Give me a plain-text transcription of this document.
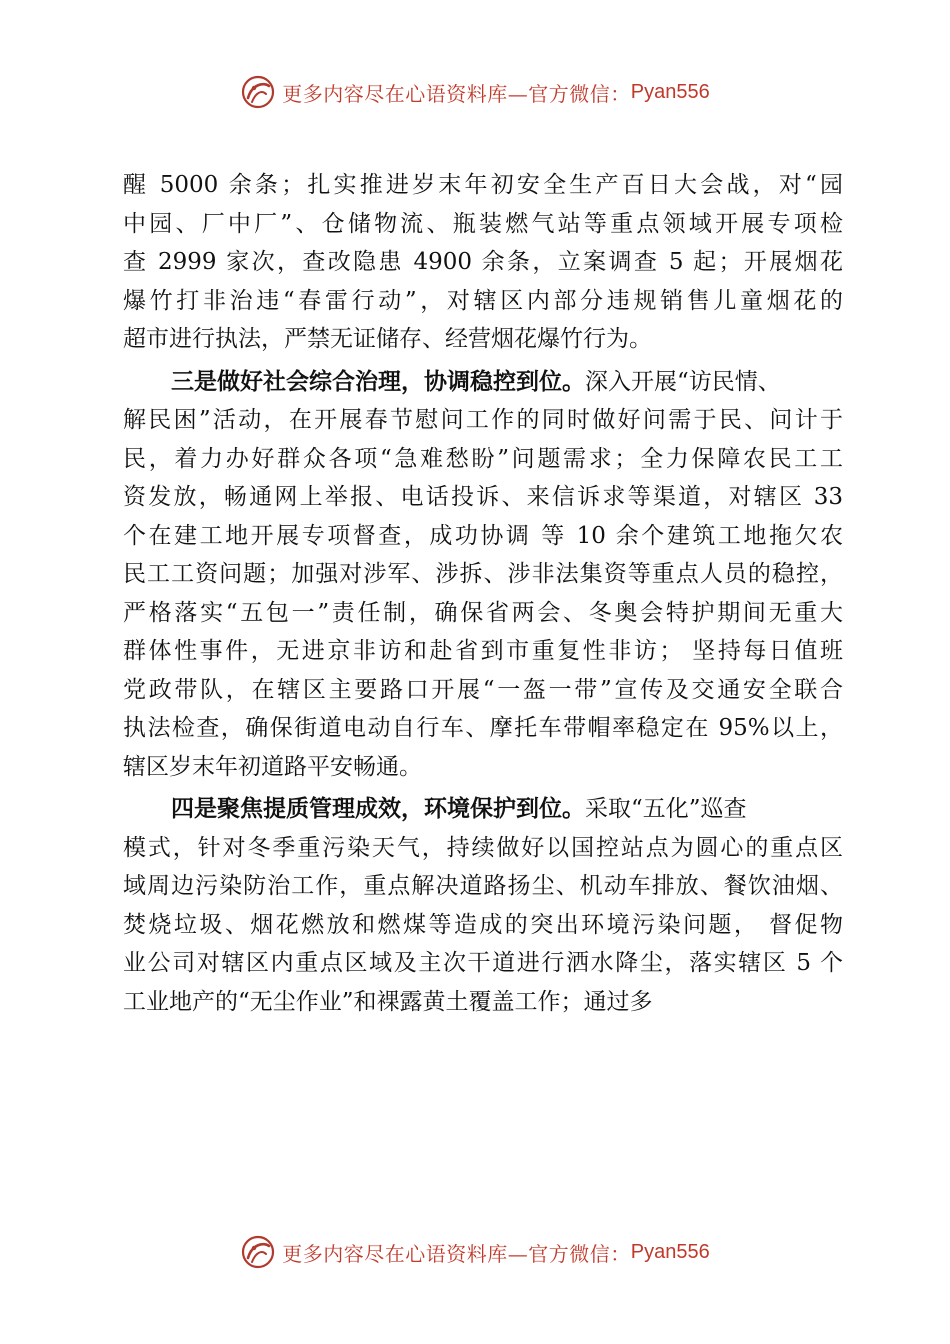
更多内容尽在心语资料库—官方微信： Pyan556
醒 5000 余条；扎实推进岁末年初安全生产百日大会战，对“园
中园、厂中厂”、仓储物流、瓶装燃气站等重点领域开展专项检
查 2999 家次，查改隐患 4900 余条，立案调查 5 起；开展烟花
爆竹打非治违“春雷行动”，对辖区内部分违规销售儿童烟花的
超市进行执法，严禁无证储存、经营烟花爆竹行为。
三是做好社会综合治理，协调稳控到位。深入开展“访民情、
解民困”活动，在开展春节慰问工作的同时做好问需于民、问计于
民，着力办好群众各项“急难愁盼”问题需求；全力保障农民工工
资发放，畅通网上举报、电话投诉、来信诉求等渠道，对辖区 33
个在建工地开展专项督查，成功协调 等 10 余个建筑工地拖欠农
民工工资问题；加强对涉军、涉拆、涉非法集资等重点人员的稳控，
严格落实“五包一”责任制，确保省两会、冬奥会特护期间无重大
群体性事件，无进京非访和赴省到市重复性非访； 坚持每日值班
党政带队，在辖区主要路口开展“一盔一带”宣传及交通安全联合
执法检查，确保街道电动自行车、摩托车带帽率稳定在 95%以上，
辖区岁末年初道路平安畅通。
四是聚焦提质管理成效，环境保护到位。采取“五化”巡查
模式，针对冬季重污染天气，持续做好以国控站点为圆心的重点区
域周边污染防治工作，重点解决道路扬尘、机动车排放、餐饮油烟、
焚烧垃圾、烟花燃放和燃煤等造成的突出环境污染问题， 督促物
业公司对辖区内重点区域及主次干道进行洒水降尘，落实辖区 5 个
工业地产的“无尘作业”和裸露黄土覆盖工作；通过多
更多内容尽在心语资料库—官方微信： Pyan556
